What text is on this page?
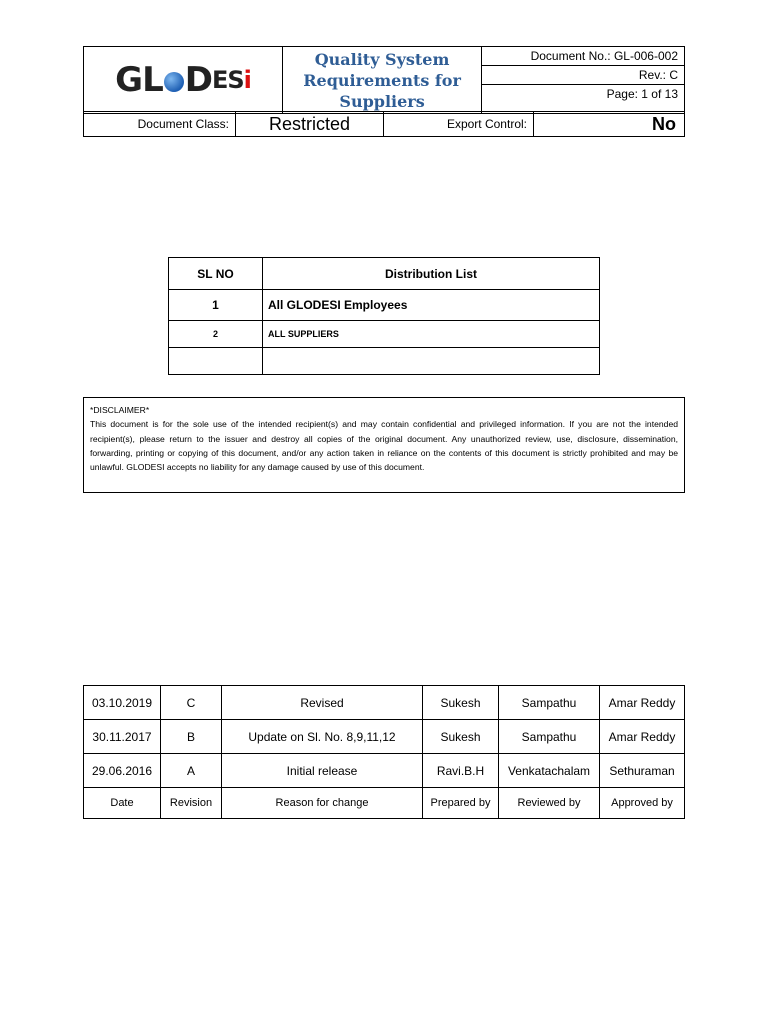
GL D ES i
	Quality System Requirements for Suppliers	Document No.: GL-006-002
Rev.: C
Page: 1 of 13
Document Class:	Restricted	Export Control:	No
SL NO	Distribution List
1	All GLODESI Employees
2	ALL SUPPLIERS

*DISCLAIMER*
This document is for the sole use of the intended recipient(s) and may contain confidential and privileged information. If you are not the intended recipient(s), please return to the issuer and destroy all copies of the original document. Any unauthorized review, use, disclosure, dissemination, forwarding, printing or copying of this document, and/or any action taken in reliance on the contents of this document is strictly prohibited and may be unlawful. GLODESI accepts no liability for any damage caused by use of this document.
03.10.2019	C	Revised	Sukesh	Sampathu	Amar Reddy
30.11.2017	B	Update on Sl. No. 8,9,11,12	Sukesh	Sampathu	Amar Reddy
29.06.2016	A	Initial release	Ravi.B.H	Venkatachalam	Sethuraman
Date	Revision	Reason for change	Prepared by	Reviewed by	Approved by
